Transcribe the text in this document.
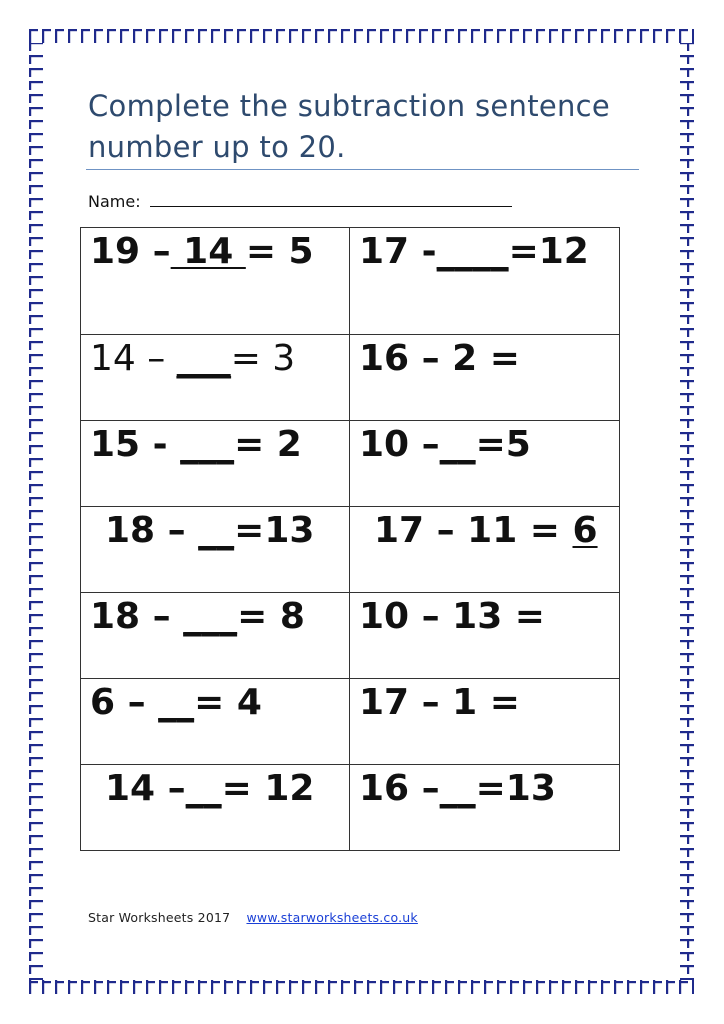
Complete the subtraction sentence number up to 20.
Name:
19 – 14 = 5	17 -____=12
14 – ___= 3	16 – 2 =
15 - ___= 2	10 –__=5
18 – __=13	17 – 11 = 6
18 – ___= 8	10 – 13 =
6 – __= 4	17 – 1 =
14 –__= 12	16 –__=13
Star Worksheets 2017 www.starworksheets.co.uk
